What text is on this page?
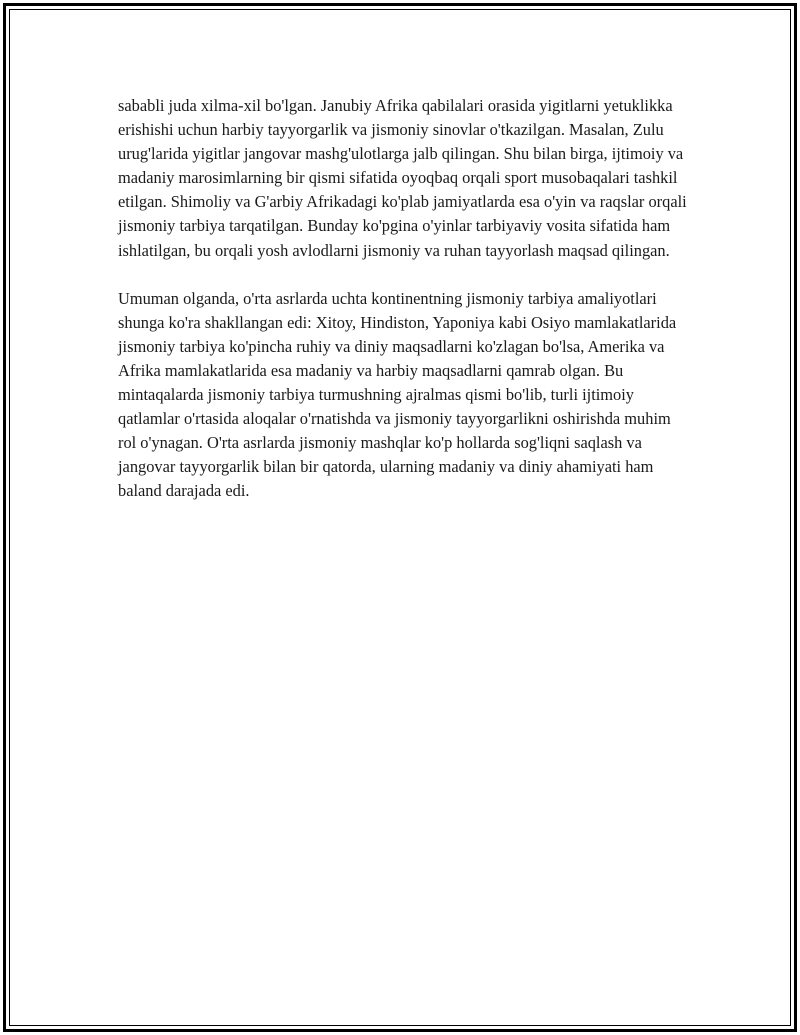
sababli juda xilma-xil bo'lgan. Janubiy Afrika qabilalari orasida yigitlarni yetuklikka erishishi uchun harbiy tayyorgarlik va jismoniy sinovlar o'tkazilgan. Masalan, Zulu urug'larida yigitlar jangovar mashg'ulotlarga jalb qilingan. Shu bilan birga, ijtimoiy va madaniy marosimlarning bir qismi sifatida oyoqbaq orqali sport musobaqalari tashkil etilgan. Shimoliy va G'arbiy Afrikadagi ko'plab jamiyatlarda esa o'yin va raqslar orqali jismoniy tarbiya tarqatilgan. Bunday ko'pgina o'yinlar tarbiyaviy vosita sifatida ham ishlatilgan, bu orqali yosh avlodlarni jismoniy va ruhan tayyorlash maqsad qilingan.

Umuman olganda, o'rta asrlarda uchta kontinentning jismoniy tarbiya amaliyotlari shunga ko'ra shakllangan edi: Xitoy, Hindiston, Yaponiya kabi Osiyo mamlakatlarida jismoniy tarbiya ko'pincha ruhiy va diniy maqsadlarni ko'zlagan bo'lsa, Amerika va Afrika mamlakatlarida esa madaniy va harbiy maqsadlarni qamrab olgan. Bu mintaqalarda jismoniy tarbiya turmushning ajralmas qismi bo'lib, turli ijtimoiy qatlamlar o'rtasida aloqalar o'rnatishda va jismoniy tayyorgarlikni oshirishda muhim rol o'ynagan. O'rta asrlarda jismoniy mashqlar ko'p hollarda sog'liqni saqlash va jangovar tayyorgarlik bilan bir qatorda, ularning madaniy va diniy ahamiyati ham baland darajada edi.
